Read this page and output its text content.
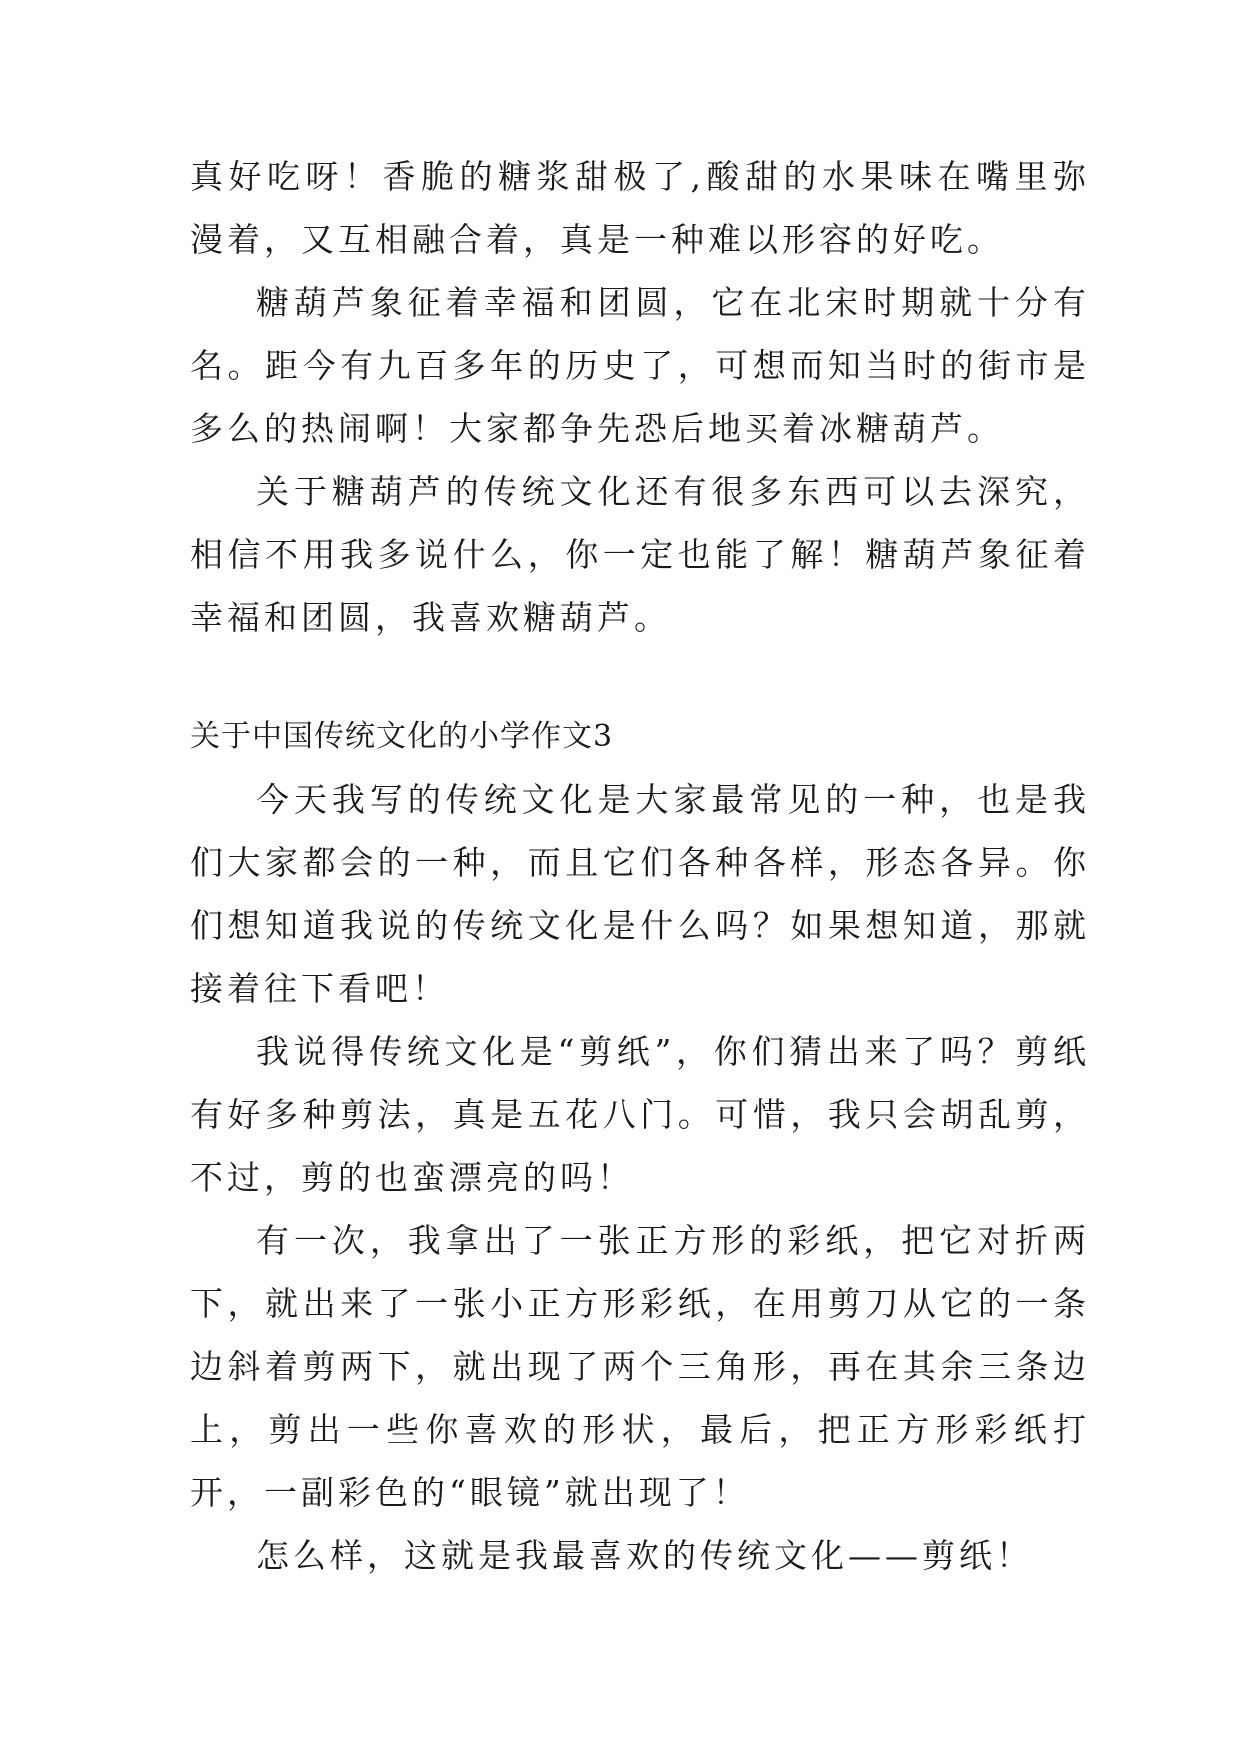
真好吃呀！香脆的糖浆甜极了,酸甜的水果味在嘴里弥漫着，又互相融合着，真是一种难以形容的好吃。

糖葫芦象征着幸福和团圆，它在北宋时期就十分有名。距今有九百多年的历史了，可想而知当时的街市是多么的热闹啊！大家都争先恐后地买着冰糖葫芦。

关于糖葫芦的传统文化还有很多东西可以去深究，相信不用我多说什么，你一定也能了解！糖葫芦象征着幸福和团圆，我喜欢糖葫芦。

关于中国传统文化的小学作文3

今天我写的传统文化是大家最常见的一种，也是我们大家都会的一种，而且它们各种各样，形态各异。你们想知道我说的传统文化是什么吗？如果想知道，那就接着往下看吧！

我说得传统文化是“剪纸”，你们猜出来了吗？剪纸有好多种剪法，真是五花八门。可惜，我只会胡乱剪，不过，剪的也蛮漂亮的吗！

有一次，我拿出了一张正方形的彩纸，把它对折两下，就出来了一张小正方形彩纸，在用剪刀从它的一条边斜着剪两下，就出现了两个三角形，再在其余三条边上，剪出一些你喜欢的形状，最后，把正方形彩纸打开，一副彩色的“眼镜”就出现了！

怎么样，这就是我最喜欢的传统文化——剪纸！
